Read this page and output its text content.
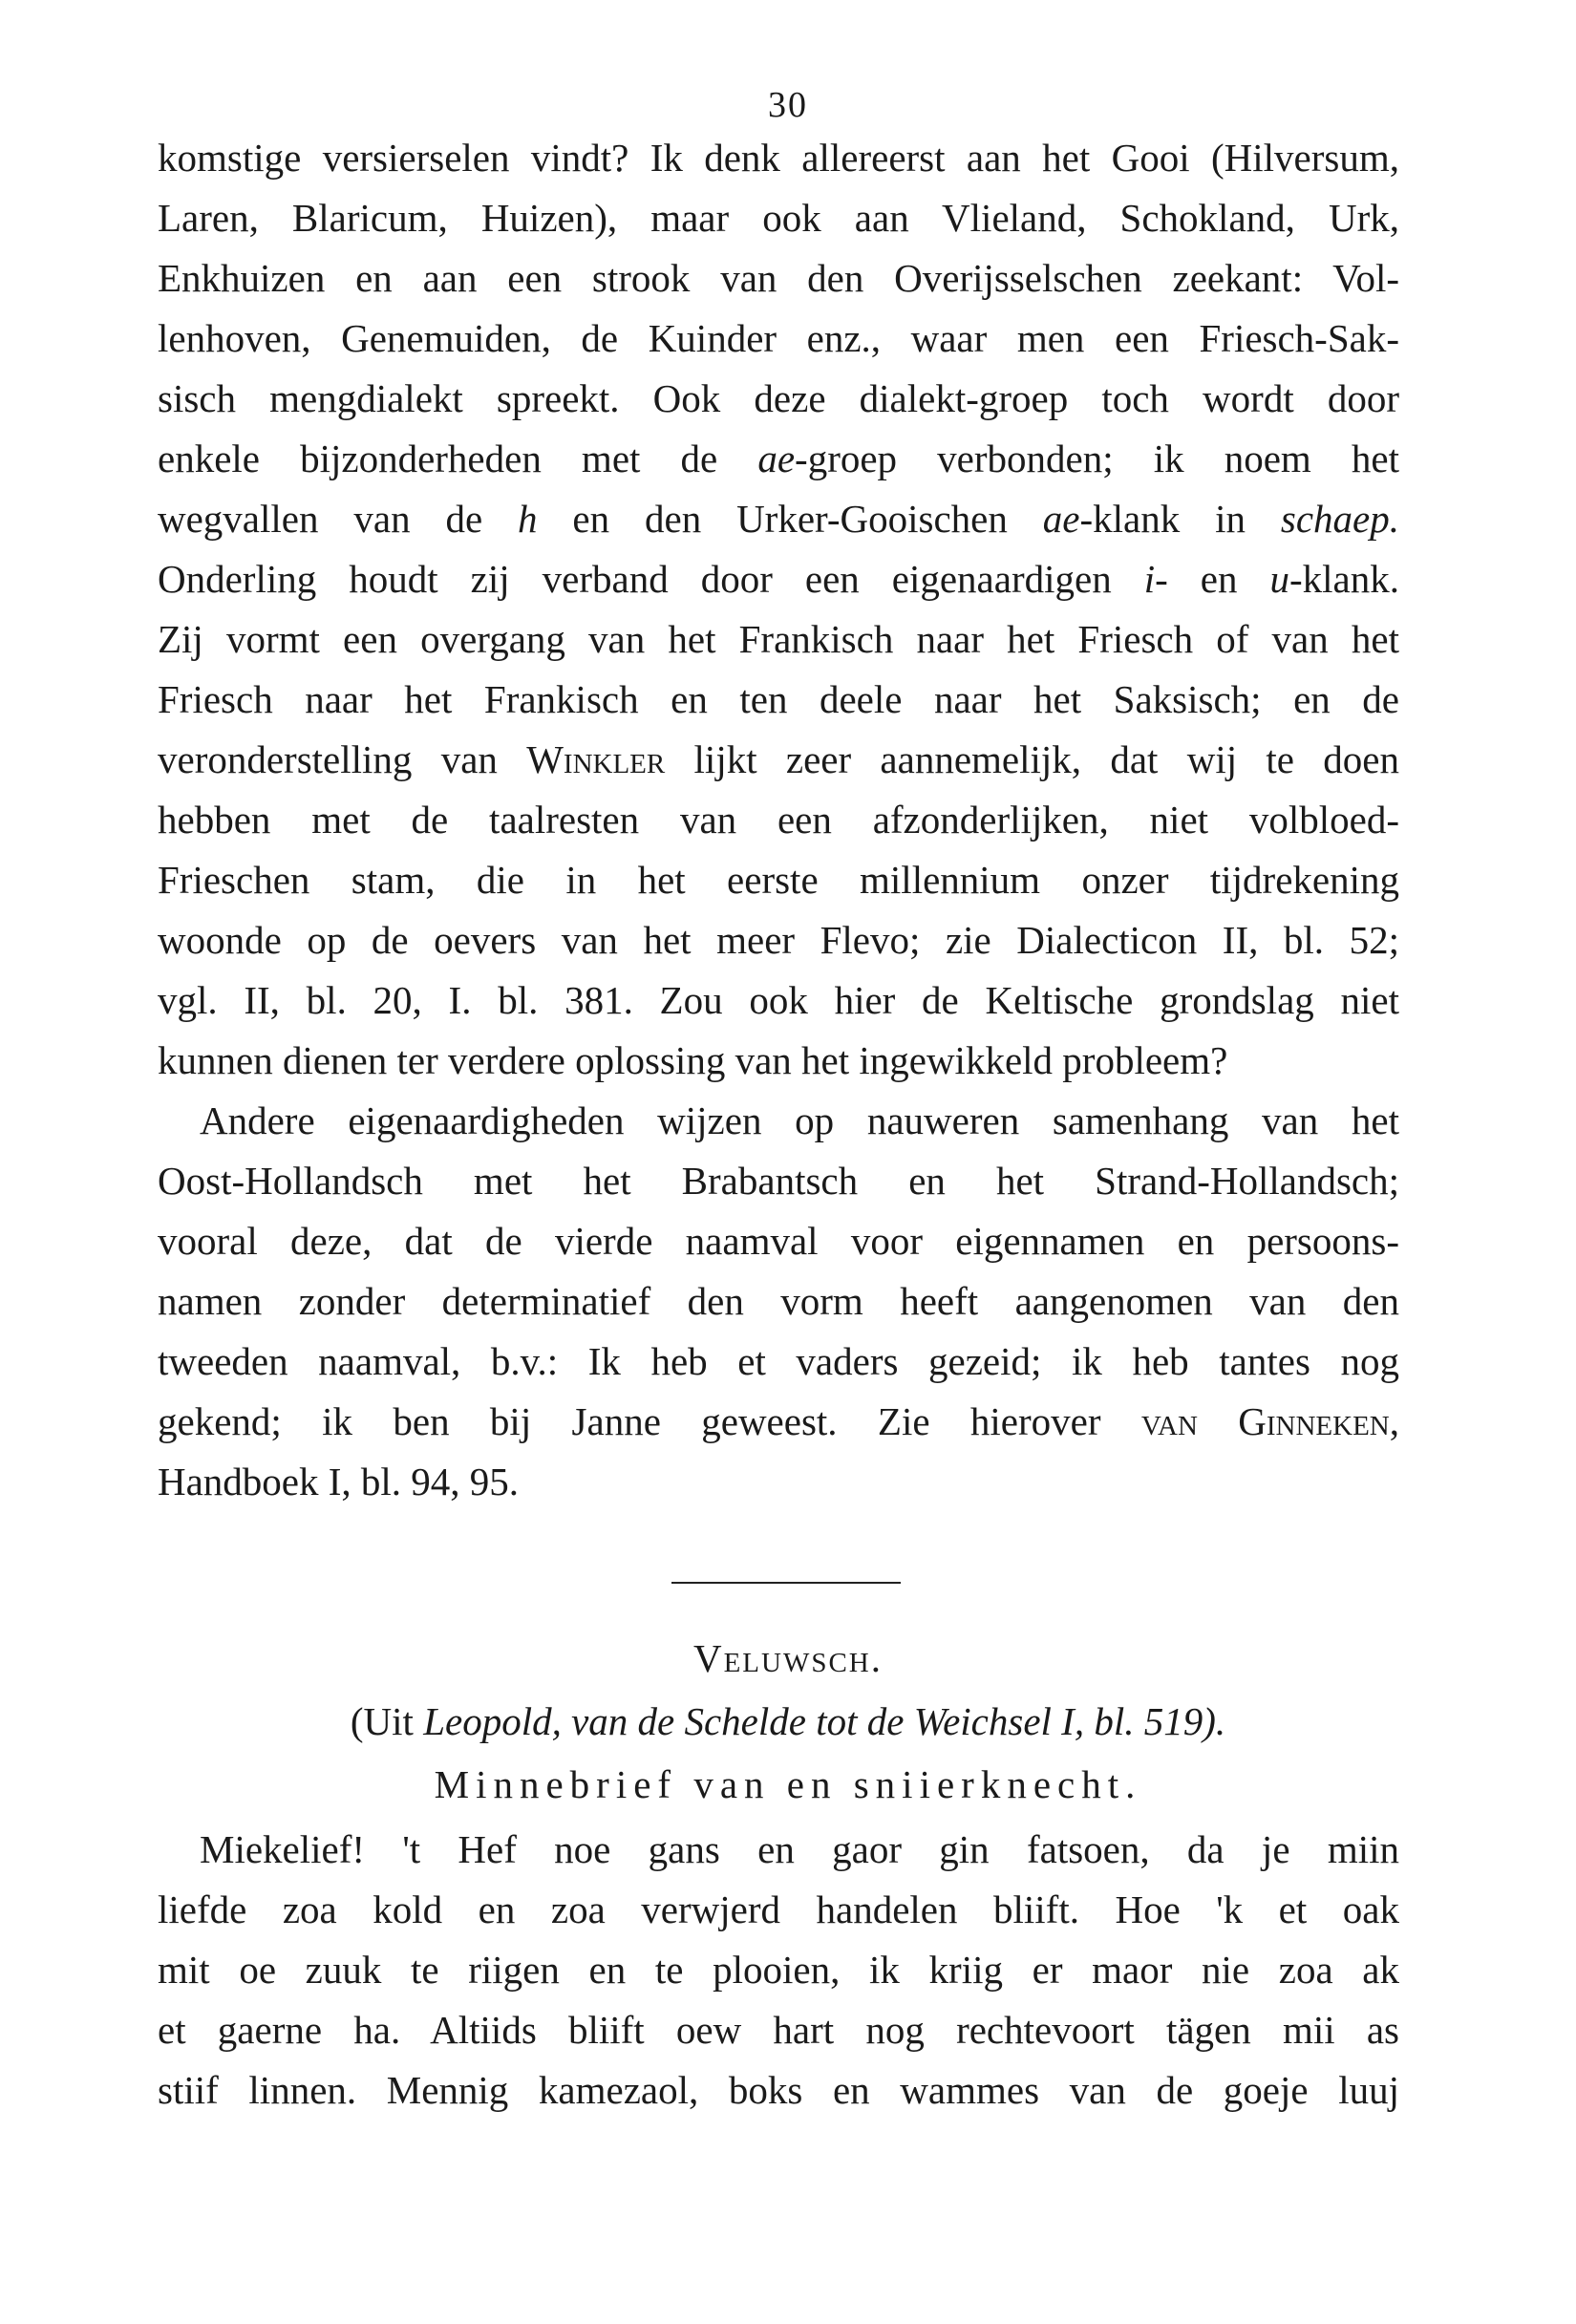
30
komstige versierselen vindt? Ik denk allereerst aan het Gooi (Hilversum,
Laren, Blaricum, Huizen), maar ook aan Vlieland, Schokland, Urk,
Enkhuizen en aan een strook van den Overijsselschen zeekant: Vol-
lenhoven, Genemuiden, de Kuinder enz., waar men een Friesch-Sak-
sisch mengdialekt spreekt. Ook deze dialekt-groep toch wordt door
enkele bijzonderheden met de ae-groep verbonden; ik noem het
wegvallen van de h en den Urker-Gooischen ae-klank in schaep.
Onderling houdt zij verband door een eigenaardigen i- en u-klank.
Zij vormt een overgang van het Frankisch naar het Friesch of van het
Friesch naar het Frankisch en ten deele naar het Saksisch; en de
veronderstelling van Winkler lijkt zeer aannemelijk, dat wij te doen
hebben met de taalresten van een afzonderlijken, niet volbloed-
Frieschen stam, die in het eerste millennium onzer tijdrekening
woonde op de oevers van het meer Flevo; zie Dialecticon II, bl. 52;
vgl. II, bl. 20, I. bl. 381. Zou ook hier de Keltische grondslag niet
kunnen dienen ter verdere oplossing van het ingewikkeld probleem?
Andere eigenaardigheden wijzen op nauweren samenhang van het
Oost-Hollandsch met het Brabantsch en het Strand-Hollandsch;
vooral deze, dat de vierde naamval voor eigennamen en persoons-
namen zonder determinatief den vorm heeft aangenomen van den
tweeden naamval, b.v.: Ik heb et vaders gezeid; ik heb tantes nog
gekend; ik ben bij Janne geweest. Zie hierover van Ginneken,
Handboek I, bl. 94, 95.
Veluwsch.
(Uit Leopold, van de Schelde tot de Weichsel I, bl. 519).
Minnebrief van en sniierknecht.
Miekelief! 't Hef noe gans en gaor gin fatsoen, da je miin
liefde zoa kold en zoa verwjerd handelen bliift. Hoe 'k et oak
mit oe zuuk te riigen en te plooien, ik kriig er maor nie zoa ak
et gaerne ha. Altiids bliift oew hart nog rechtevoort tägen mii as
stiif linnen. Mennig kamezaol, boks en wammes van de goeje luuj
